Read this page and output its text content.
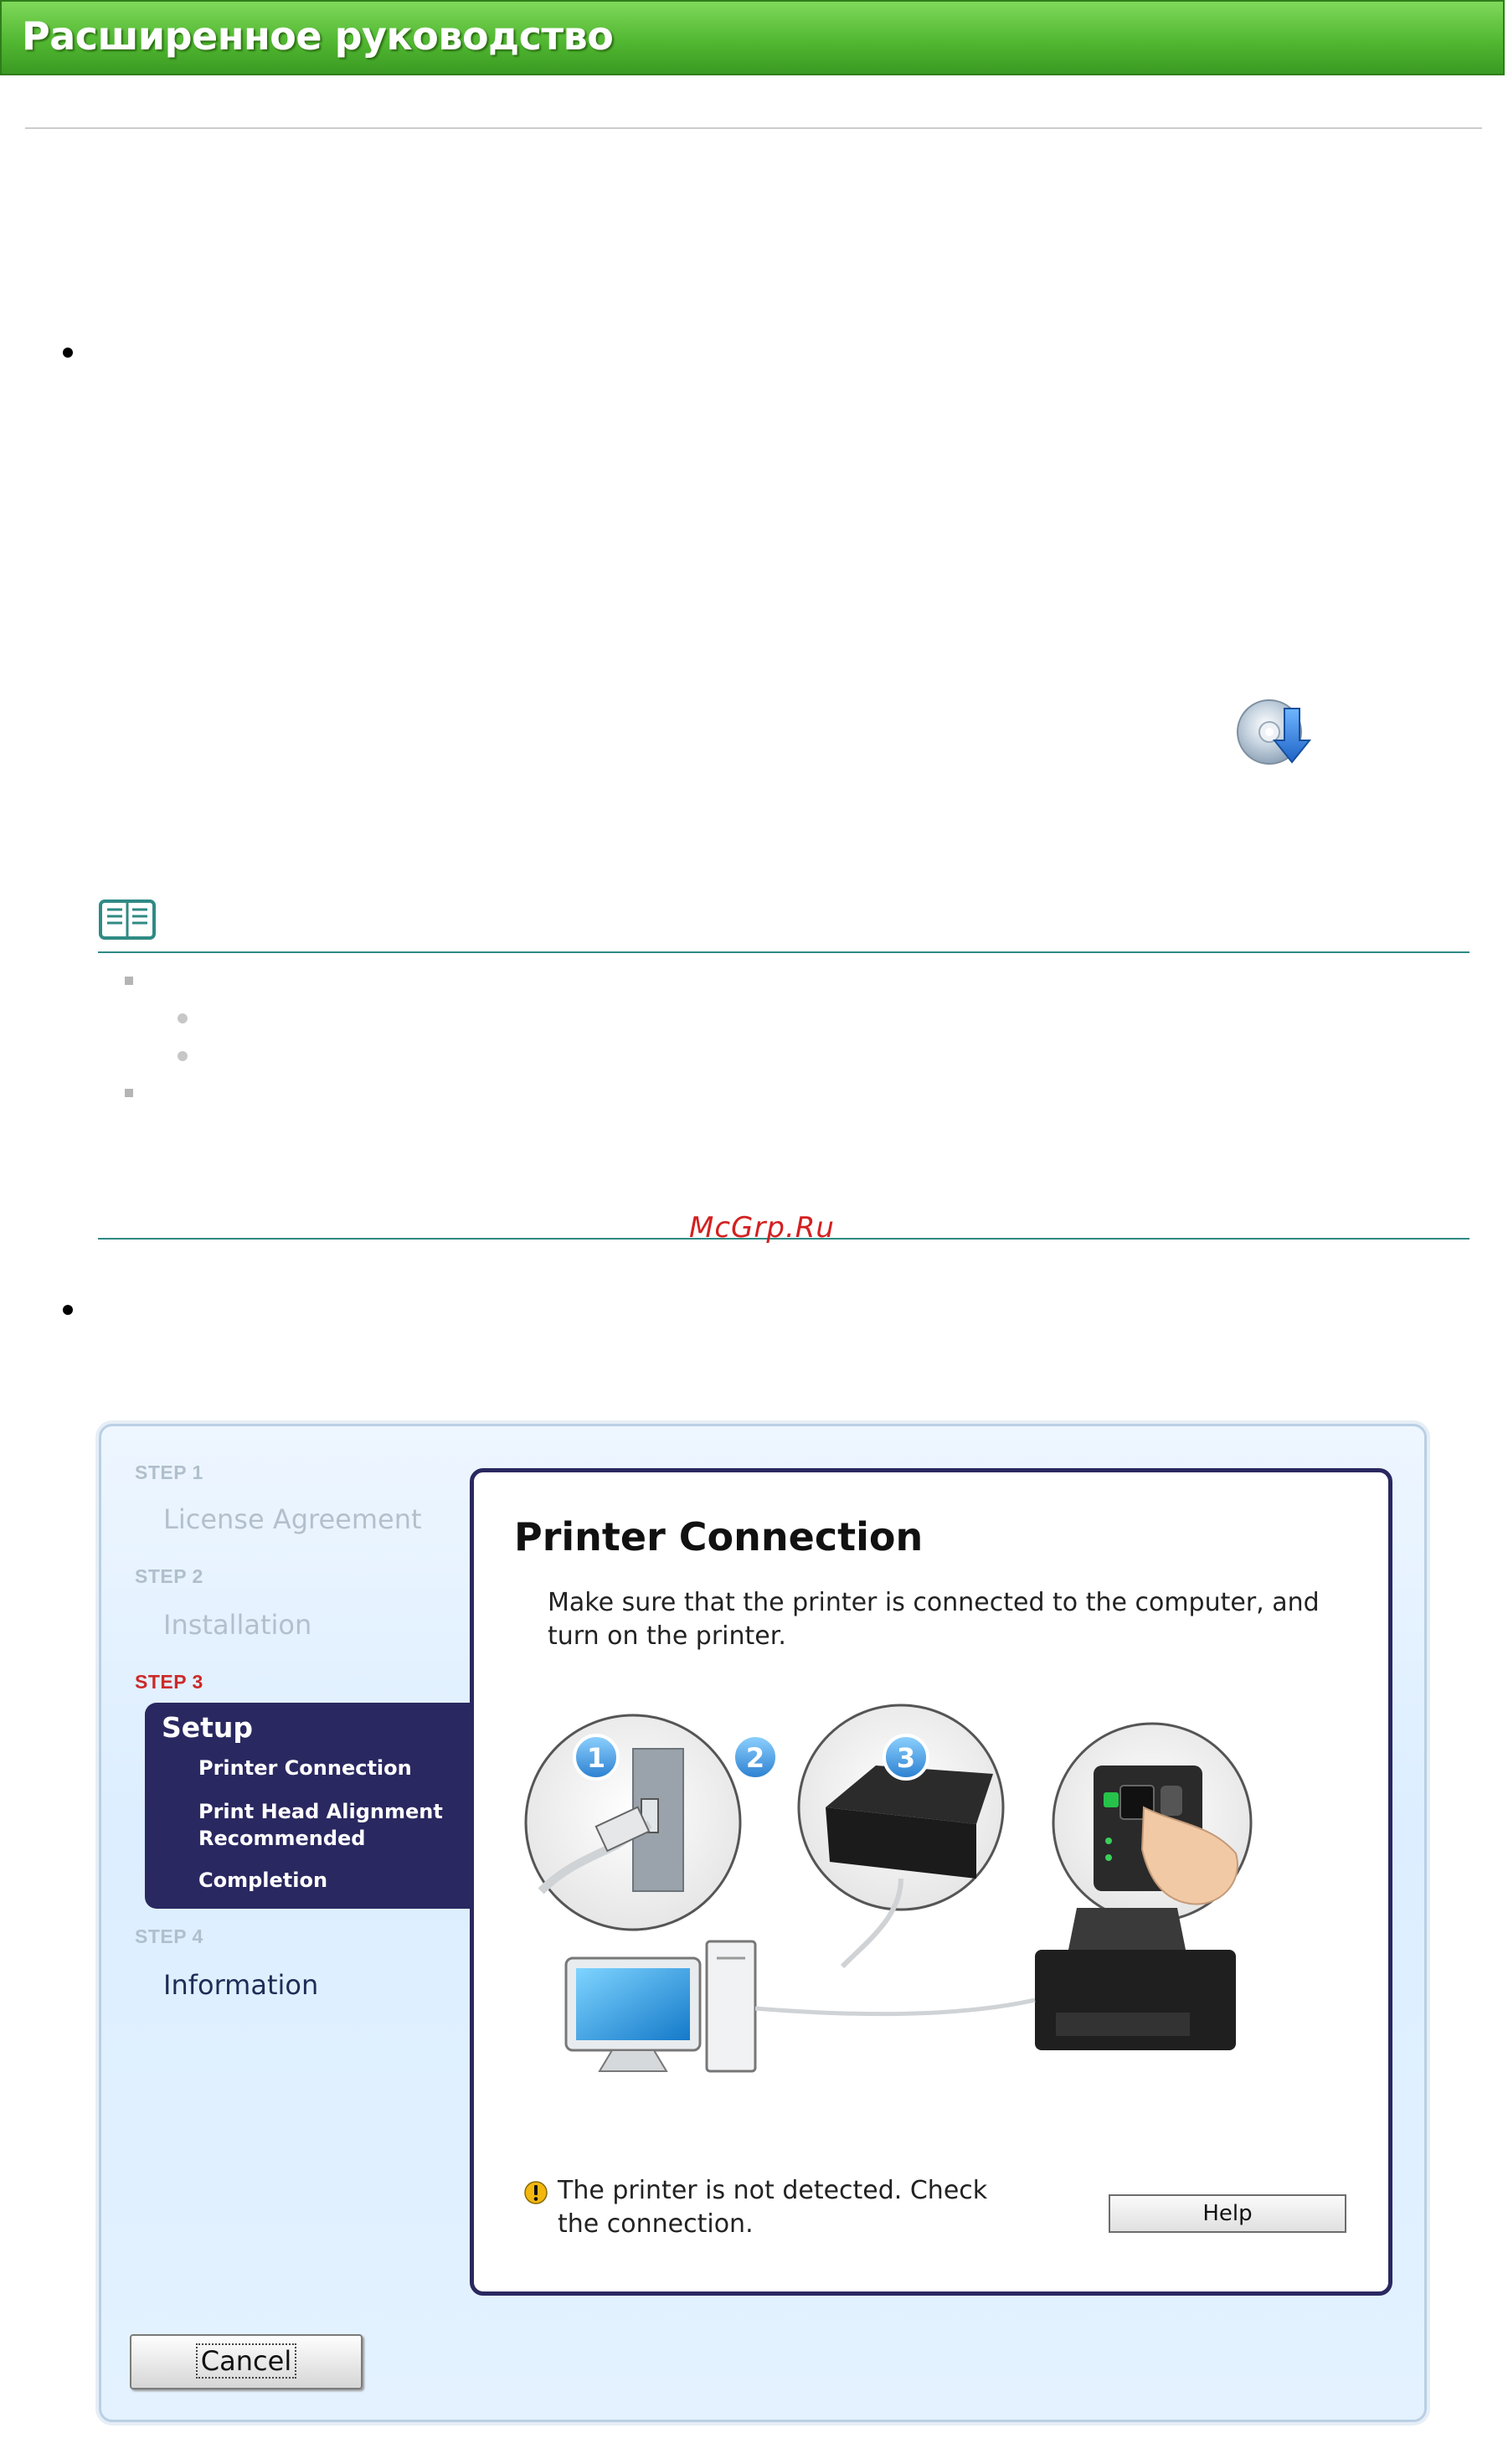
Расширенное руководство
McGrp.Ru
STEP 1
License Agreement
STEP 2
Installation
STEP 3
Setup
Printer Connection
Print Head Alignment
Recommended
Completion
STEP 4
Information
Printer Connection
Make sure that the printer is connected to the computer, and turn on the printer.
1	2	3
The printer is not detected. Check the connection.	Help
Cancel
